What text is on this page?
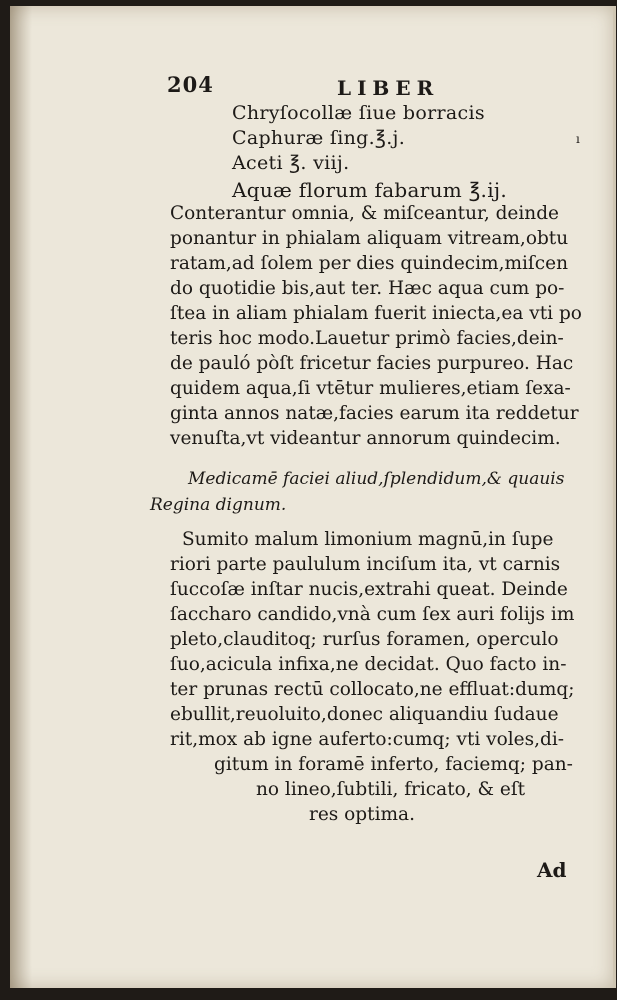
204	LIBER
Chryſocollæ ſiue borracis
Caphuræ ſing.℥.j.
Aceti ℥. viij.
Aquæ florum fabarum ℥.ij.
ı
Conterantur omnia, & miſceantur, deinde
ponantur in phialam aliquam vitream,obtu
ratam,ad ſolem per dies quindecim,miſcen
do quotidie bis,aut ter. Hæc aqua cum po-
ſtea in aliam phialam fuerit iniecta,ea vti po
teris hoc modo.Lauetur primò facies,dein-
de pauló pòſt fricetur facies purpureo. Hac
quidem aqua,ſi vtētur mulieres,etiam ſexa-
ginta annos natæ,facies earum ita reddetur
venuſta,vt videantur annorum quindecim.
Medicamē faciei aliud,ſplendidum,& quauis
Regina dignum.
Sumito malum limonium magnū,in ſupe
riori parte paululum inciſum ita, vt carnis
ſuccoſæ inſtar nucis,extrahi queat. Deinde
ſaccharo candido,vnà cum ſex auri folijs im
pleto,clauditoq; rurſus foramen, operculo
ſuo,acicula infixa,ne decidat. Quo facto in-
ter prunas rectū collocato,ne effluat:dumq;
ebullit,reuoluito,donec aliquandiu ſudaue
rit,mox ab igne auferto:cumq; vti voles,di-
gitum in foramē inferto, faciemq; pan-
no lineo,ſubtili, fricato, & eſt
res optima.
Ad
